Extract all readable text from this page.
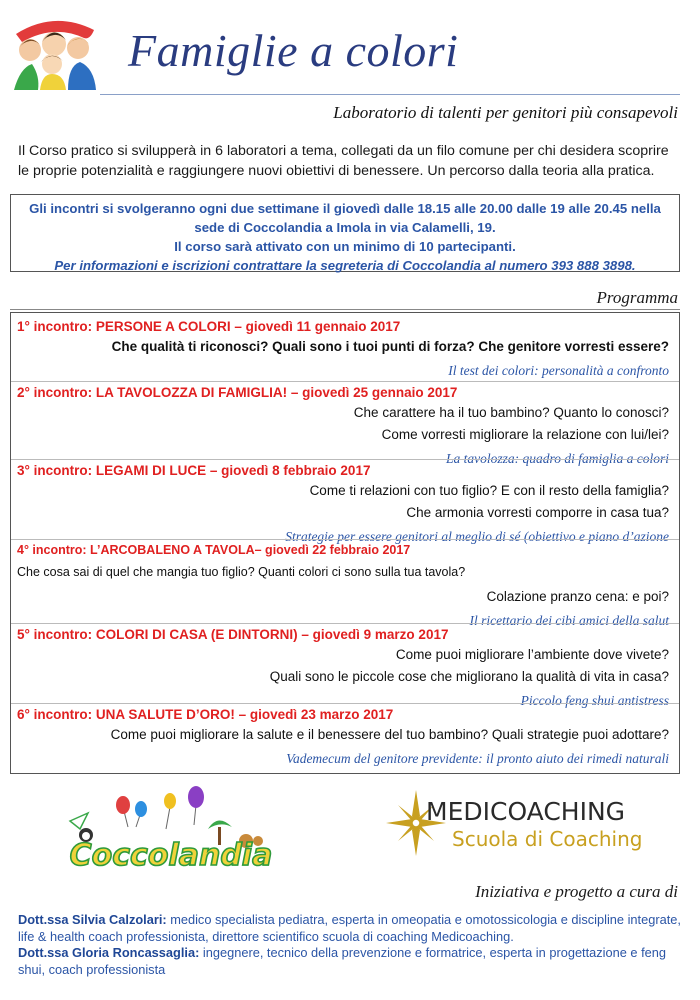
Famiglie a colori
Laboratorio di talenti per genitori più consapevoli

Il Corso pratico si svilupperà in 6 laboratori a tema, collegati da un filo comune per chi desidera scoprire le proprie potenzialità e raggiungere nuovi obiettivi di benessere. Un percorso dalla teoria alla pratica.

Gli incontri si svolgeranno ogni due settimane il giovedì dalle 18.15 alle 20.00 dalle 19 alle 20.45 nella
sede di Coccolandia a Imola in via Calamelli, 19.
Il corso sarà attivato con un minimo di 10 partecipanti.
Per informazioni e iscrizioni contrattare la segreteria di Coccolandia al numero 393 888 3898.
Programma
1° incontro: PERSONE A COLORI – giovedì 11 gennaio 2017
Che qualità ti riconosci? Quali sono i tuoi punti di forza? Che genitore vorresti essere?
Il test dei colori: personalità a confronto
2° incontro: LA TAVOLOZZA DI FAMIGLIA! – giovedì 25 gennaio 2017
Che carattere ha il tuo bambino? Quanto lo conosci?
Come vorresti migliorare la relazione con lui/lei?
La tavolozza: quadro di famiglia a colori
3° incontro: LEGAMI DI LUCE – giovedì 8 febbraio 2017
Come ti relazioni con tuo figlio? E con il resto della famiglia?
Che armonia vorresti comporre in casa tua?
Strategie per essere genitori al meglio di sé (obiettivo e piano d’azione
4° incontro: L’ARCOBALENO A TAVOLA– giovedì 22 febbraio 2017
Che cosa sai di quel che mangia tuo figlio? Quanti colori ci sono sulla tua tavola?
Colazione pranzo cena: e poi?
Il ricettario dei cibi amici della salut
5° incontro: COLORI DI CASA (E DINTORNI) – giovedì 9 marzo 2017
Come puoi migliorare l’ambiente dove vivete?
Quali sono le piccole cose che migliorano la qualità di vita in casa?
Piccolo feng shui antistress
6° incontro: UNA SALUTE D’ORO! – giovedì 23 marzo 2017
Come puoi migliorare la salute e il benessere del tuo bambino? Quali strategie puoi adottare?
Vademecum del genitore previdente: il pronto aiuto dei rimedi naturali
Coccolandia
MEDICOACHING
Scuola di Coaching
Iniziativa e progetto a cura di

Dott.ssa Silvia Calzolari: medico specialista pediatra, esperta in omeopatia e omotossicologia e discipline integrate, life & health coach professionista, direttore scientifico scuola di coaching Medicoaching.
Dott.ssa Gloria Roncassaglia: ingegnere, tecnico della prevenzione e formatrice, esperta in progettazione e feng shui, coach professionista
